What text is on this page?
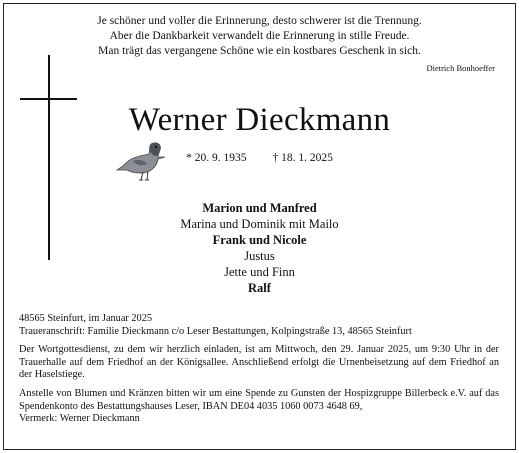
Je schöner und voller die Erinnerung, desto schwerer ist die Trennung.
Aber die Dankbarkeit verwandelt die Erinnerung in stille Freude.
Man trägt das vergangene Schöne wie ein kostbares Geschenk in sich.
Dietrich Bonhoeffer
Werner Dieckmann
* 20. 9. 1935 † 18. 1. 2025
Marion und Manfred
Marina und Dominik mit Mailo
Frank und Nicole
Justus
Jette und Finn
Ralf

48565 Steinfurt, im Januar 2025
Traueranschrift: Familie Dieckmann c/o Leser Bestattungen, Kolpingstraße 13, 48565 Steinfurt

Der Wortgottesdienst, zu dem wir herzlich einladen, ist am Mittwoch, den 29. Januar 2025, um 9:30 Uhr in der Trauerhalle auf dem Friedhof an der Königsallee. Anschließend erfolgt die Urnenbeisetzung auf dem Friedhof an der Haselstiege.

Anstelle von Blumen und Kränzen bitten wir um eine Spende zu Gunsten der Hospizgruppe Billerbeck e.V. auf das Spendenkonto des Bestattungshauses Leser, IBAN DE04 4035 1060 0073 4648 69,
Vermerk: Werner Dieckmann
